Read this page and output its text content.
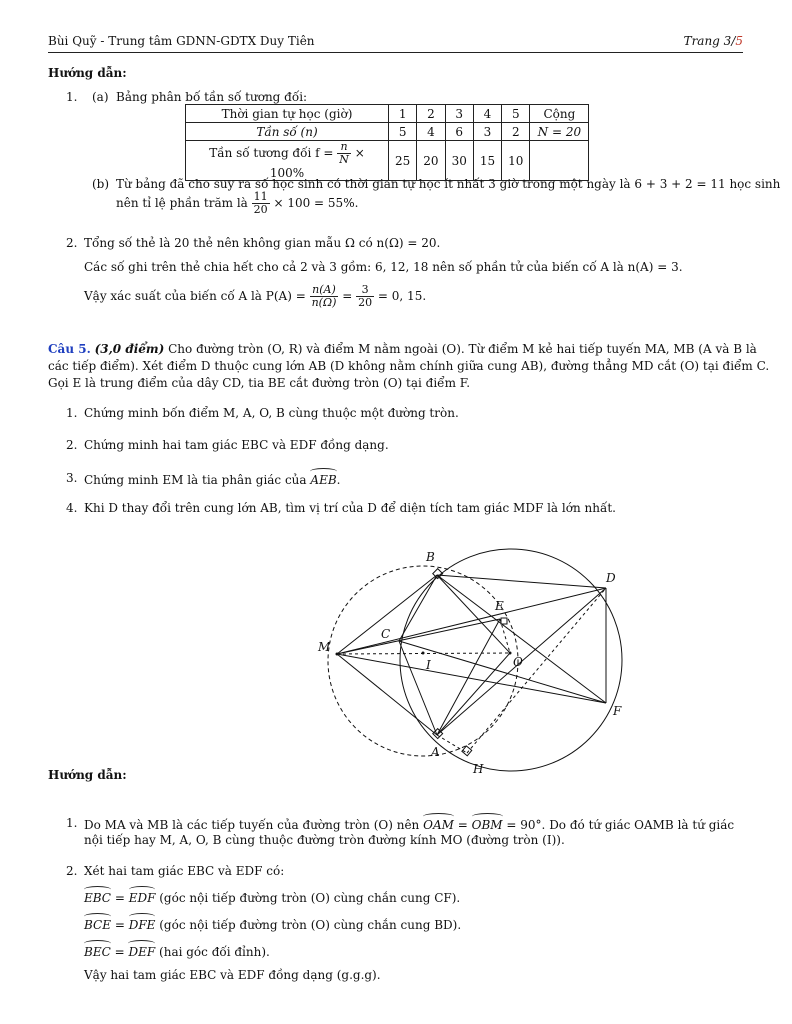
Bùi Quỹ - Trung tâm GDNN-GDTX Duy Tiên	Trang 3/5
Hướng dẫn:
1. (a) Bảng phân bố tần số tương đối:
Thời gian tự học (giờ)	1	2	3	4	5	Cộng
Tần số (n)	5	4	6	3	2	N = 20
Tần số tương đối $f = \frac{n}{N} \times 100\%$	25	20	30	15	10	
(b) Từ bảng đã cho suy ra số học sinh có thời gian tự học ít nhất 3 giờ trong một ngày là 6 + 3 + 2 = 11 học sinh
nên tỉ lệ phần trăm là $\frac{11}{20} \times 100 = 55\%$.
2. Tổng số thẻ là 20 thẻ nên không gian mẫu Ω có n(Ω) = 20.
Các số ghi trên thẻ chia hết cho cả 2 và 3 gồm: 6, 12, 18 nên số phần tử của biến cố A là n(A) = 3.
Vậy xác suất của biến cố A là $P(A) = \frac{n(A)}{n(\Omega)} = \frac{3}{20} = 0$, 15.
Câu 5. (3,0 điểm) Cho đường tròn (O, R) và điểm M nằm ngoài (O). Từ điểm M kẻ hai tiếp tuyến MA, MB (A và B là
các tiếp điểm). Xét điểm D thuộc cung lớn AB (D không nằm chính giữa cung AB), đường thẳng MD cắt (O) tại điểm C.
Gọi E là trung điểm của dây CD, tia BE cắt đường tròn (O) tại điểm F.
1. Chứng minh bốn điểm M, A, O, B cùng thuộc một đường tròn.
2. Chứng minh hai tam giác EBC và EDF đồng dạng.
3. Chứng minh EM là tia phân giác của AEB.
4. Khi D thay đổi trên cung lớn AB, tìm vị trí của D để diện tích tam giác MDF là lớn nhất.
B
D
E
C
M
I	O
F
A
H
Hướng dẫn:
1. Do MA và MB là các tiếp tuyến của đường tròn (O) nên OAM = OBM = 90°. Do đó tứ giác OAMB là tứ giác
nội tiếp hay M, A, O, B cùng thuộc đường tròn đường kính MO (đường tròn (I)).
2. Xét hai tam giác EBC và EDF có:
EBC = EDF (góc nội tiếp đường tròn (O) cùng chắn cung CF).
BCE = DFE (góc nội tiếp đường tròn (O) cùng chắn cung BD).
BEC = DEF (hai góc đối đỉnh).
Vậy hai tam giác EBC và EDF đồng dạng (g.g.g).
